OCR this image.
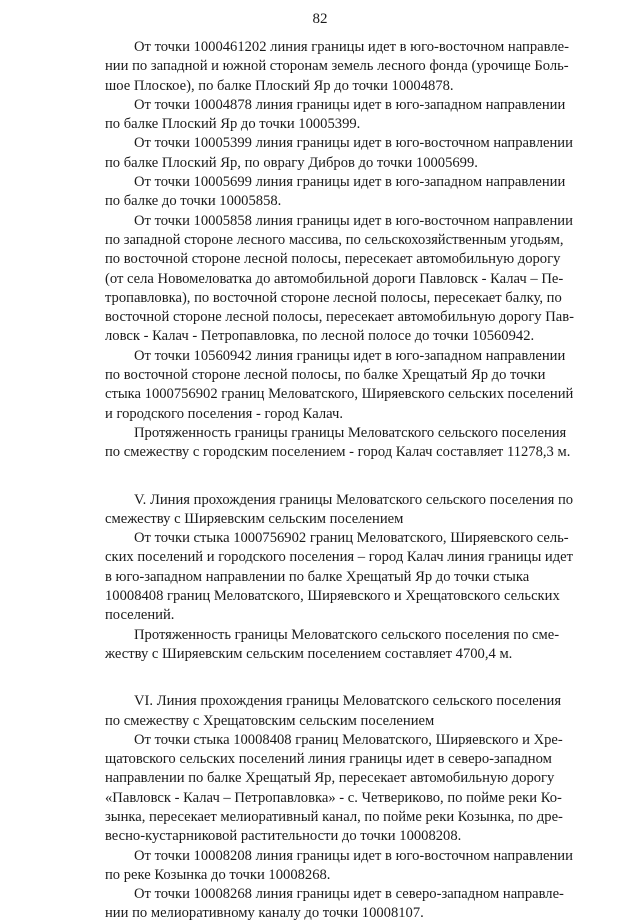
82

От точки 1000461202 линия границы идет в юго-восточном направле-
нии по западной и южной сторонам земель лесного фонда (урочище Боль-
шое Плоское), по балке Плоский Яр до точки 10004878.

От точки 10004878 линия границы идет в юго-западном направлении
по балке Плоский Яр до точки 10005399.

От точки 10005399 линия границы идет в юго-восточном направлении
по балке Плоский Яр, по оврагу Дибров до точки 10005699.

От точки 10005699 линия границы идет в юго-западном направлении
по балке до точки 10005858.

От точки 10005858 линия границы идет в юго-восточном направлении
по западной стороне лесного массива, по сельскохозяйственным угодьям,
по восточной стороне лесной полосы, пересекает автомобильную дорогу
(от села Новомеловатка до автомобильной дороги Павловск - Калач – Пе-
тропавловка), по восточной стороне лесной полосы, пересекает балку, по
восточной стороне лесной полосы, пересекает автомобильную дорогу Пав-
ловск - Калач - Петропавловка, по лесной полосе до точки 10560942.

От точки 10560942 линия границы идет в юго-западном направлении
по восточной стороне лесной полосы, по балке Хрещатый Яр до точки
стыка 1000756902 границ Меловатского, Ширяевского сельских поселений
и городского поселения - город Калач.

Протяженность границы границы Меловатского сельского поселения
по смежеству с городским поселением - город Калач составляет 11278,3 м.

V. Линия прохождения границы Меловатского сельского поселения по
смежеству с Ширяевским сельским поселением

От точки стыка 1000756902 границ Меловатского, Ширяевского сель-
ских поселений и городского поселения – город Калач линия границы идет
в юго-западном направлении по балке Хрещатый Яр до точки стыка
10008408 границ Меловатского, Ширяевского и Хрещатовского сельских
поселений.

Протяженность границы Меловатского сельского поселения по сме-
жеству с Ширяевским сельским поселением составляет 4700,4 м.

VI. Линия прохождения границы Меловатского сельского поселения
по смежеству с Хрещатовским сельским поселением

От точки стыка 10008408 границ Меловатского, Ширяевского и Хре-
щатовского сельских поселений линия границы идет в северо-западном
направлении по балке Хрещатый Яр, пересекает автомобильную дорогу
«Павловск - Калач – Петропавловка» - с. Четвериково, по пойме реки Ко-
зынка, пересекает мелиоративный канал, по пойме реки Козынка, по дре-
весно-кустарниковой растительности до точки 10008208.

От точки 10008208 линия границы идет в юго-восточном направлении
по реке Козынка до точки 10008268.

От точки 10008268 линия границы идет в северо-западном направле-
нии по мелиоративному каналу до точки 10008107.
